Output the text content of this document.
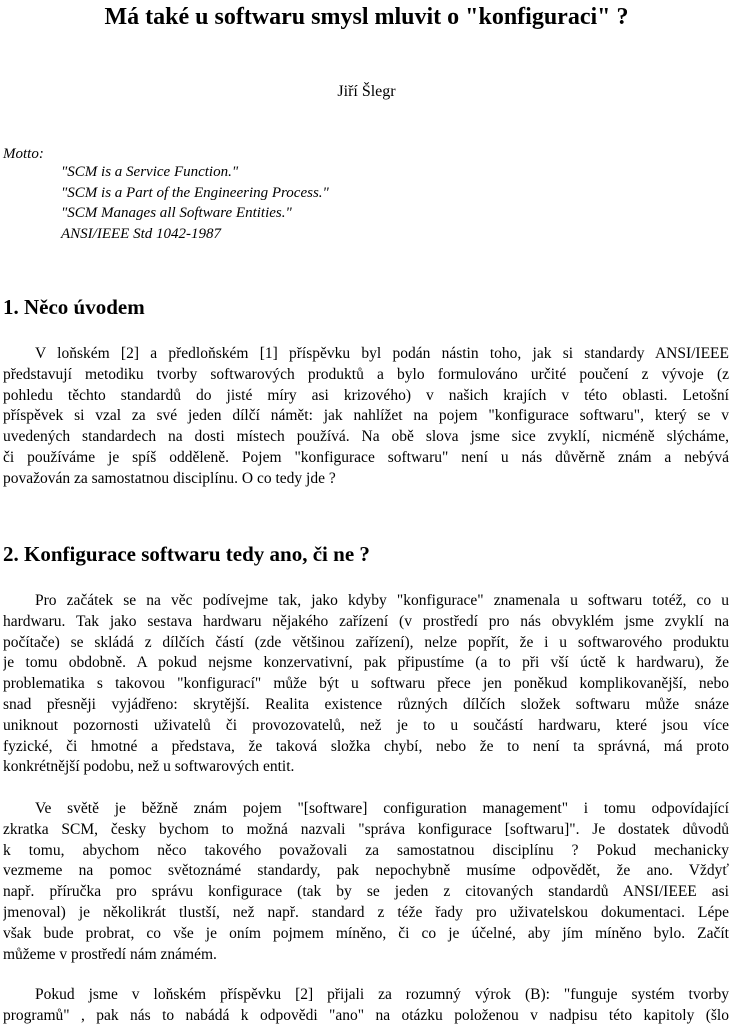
Má také u softwaru smysl mluvit o "konfiguraci" ?

Jiří Šlegr

Motto:

"SCM is a Service Function."
"SCM is a Part of the Engineering Process."
"SCM Manages all Software Entities."
ANSI/IEEE Std 1042-1987
1. Něco úvodem
V loňském [2] a předloňském [1] příspěvku byl podán nástin toho, jak si standardy ANSI/IEEE
představují metodiku tvorby softwarových produktů a bylo formulováno určité poučení z vývoje (z
pohledu těchto standardů do jisté míry asi krizového) v našich krajích v této oblasti. Letošní
příspěvek si vzal za své jeden dílčí námět: jak nahlížet na pojem "konfigurace softwaru", který se v
uvedených standardech na dosti místech používá. Na obě slova jsme sice zvyklí, nicméně slýcháme,
či používáme je spíš odděleně. Pojem "konfigurace softwaru" není u nás důvěrně znám a nebývá
považován za samostatnou disciplínu. O co tedy jde ?
2. Konfigurace softwaru tedy ano, či ne ?
Pro začátek se na věc podívejme tak, jako kdyby "konfigurace" znamenala u softwaru totéž, co u
hardwaru. Tak jako sestava hardwaru nějakého zařízení (v prostředí pro nás obvyklém jsme zvyklí na
počítače) se skládá z dílčích částí (zde většinou zařízení), nelze popřít, že i u softwarového produktu
je tomu obdobně. A pokud nejsme konzervativní, pak připustíme (a to při vší úctě k hardwaru), že
problematika s takovou "konfigurací" může být u softwaru přece jen poněkud komplikovanější, nebo
snad přesněji vyjádřeno: skrytější. Realita existence různých dílčích složek softwaru může snáze
uniknout pozornosti uživatelů či provozovatelů, než je to u součástí hardwaru, které jsou více
fyzické, či hmotné a představa, že taková složka chybí, nebo že to není ta správná, má proto
konkrétnější podobu, než u softwarových entit.
Ve světě je běžně znám pojem "[software] configuration management" i tomu odpovídající
zkratka SCM, česky bychom to možná nazvali "správa konfigurace [softwaru]". Je dostatek důvodů
k tomu, abychom něco takového považovali za samostatnou disciplínu ? Pokud mechanicky
vezmeme na pomoc světoznámé standardy, pak nepochybně musíme odpovědět, že ano. Vždyť
např. příručka pro správu konfigurace (tak by se jeden z citovaných standardů ANSI/IEEE asi
jmenoval) je několikrát tlustší, než např. standard z téže řady pro uživatelskou dokumentaci. Lépe
však bude probrat, co vše je oním pojmem míněno, či co je účelné, aby jím míněno bylo. Začít
můžeme v prostředí nám známém.
Pokud jsme v loňském příspěvku [2] přijali za rozumný výrok (B): "funguje systém tvorby
programů" , pak nás to nabádá k odpovědi "ano" na otázku položenou v nadpisu této kapitoly (šlo
